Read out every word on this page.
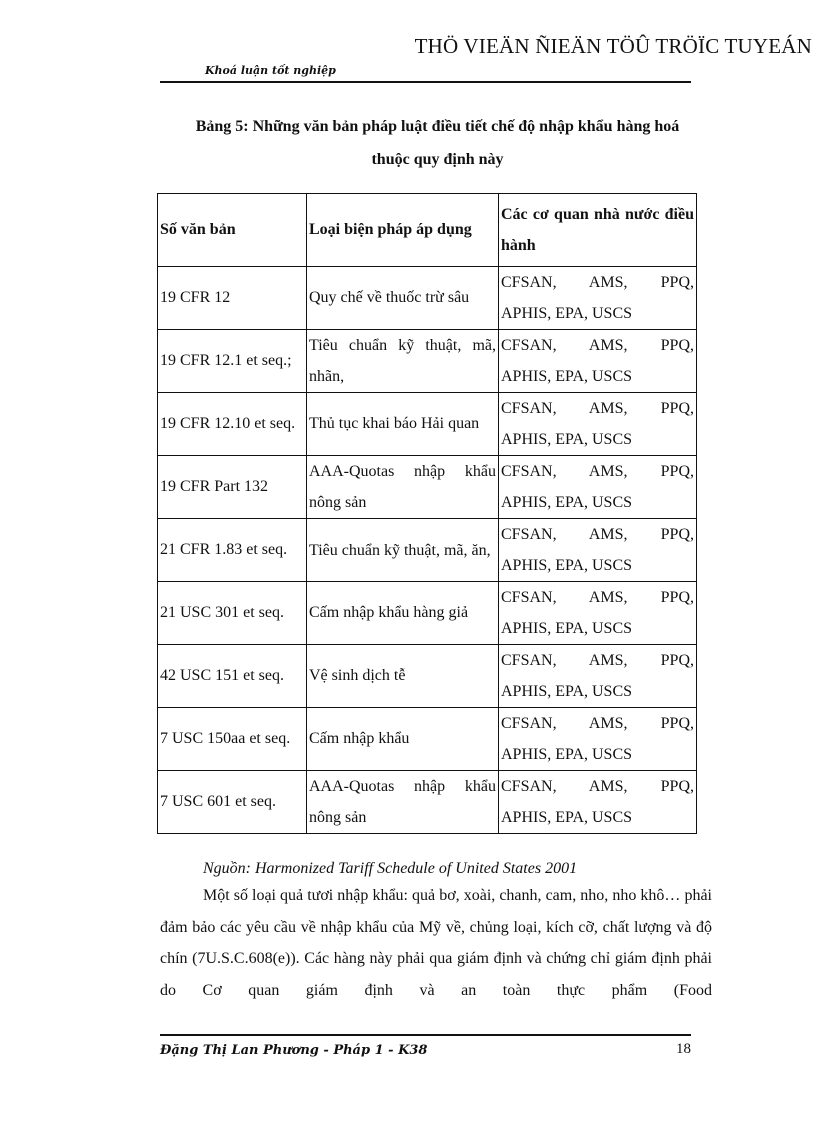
THÖ VIEÄN ÑIEÄN TÖÛ TRÖÏC TUYEÁN
Khoá luận tốt nghiệp
Bảng 5: Những văn bản pháp luật điều tiết chế độ nhập khẩu hàng hoá
thuộc quy định này
Số văn bản	Loại biện pháp áp dụng	Các cơ quan nhà nước điều hành
19 CFR 12	Quy chế về thuốc trừ sâu	CFSAN, AMS, PPQ,
APHIS, EPA, USCS

19 CFR 12.1 et seq.;	Tiêu chuẩn kỹ thuật, mã, nhãn,	CFSAN, AMS, PPQ,
APHIS, EPA, USCS

19 CFR 12.10 et seq.	Thủ tục khai báo Hải quan	CFSAN, AMS, PPQ,
APHIS, EPA, USCS

19 CFR Part 132	AAA-Quotas nhập khẩu nông sản	CFSAN, AMS, PPQ,
APHIS, EPA, USCS

21 CFR 1.83 et seq.	Tiêu chuẩn kỹ thuật, mã, ăn,	CFSAN, AMS, PPQ,
APHIS, EPA, USCS

21 USC 301 et seq.	Cấm nhập khẩu hàng giả	CFSAN, AMS, PPQ,
APHIS, EPA, USCS

42 USC 151 et seq.	Vệ sinh dịch tễ	CFSAN, AMS, PPQ,
APHIS, EPA, USCS

7 USC 150aa et seq.	Cấm nhập khẩu	CFSAN, AMS, PPQ,
APHIS, EPA, USCS

7 USC 601 et seq.	AAA-Quotas nhập khẩu nông sản	CFSAN, AMS, PPQ,
APHIS, EPA, USCS
Nguồn: Harmonized Tariff Schedule of United States 2001

Một số loại quả tươi nhập khẩu: quả bơ, xoài, chanh, cam, nho, nho khô… phải đảm bảo các yêu cầu về nhập khẩu của Mỹ về, chủng loại, kích cỡ, chất lượng và độ chín (7U.S.C.608(e)). Các hàng này phải qua giám định và chứng chỉ giám định phải do Cơ quan giám định và an toàn thực phẩm (Food

Đặng Thị Lan Phương - Pháp 1 - K38	18
